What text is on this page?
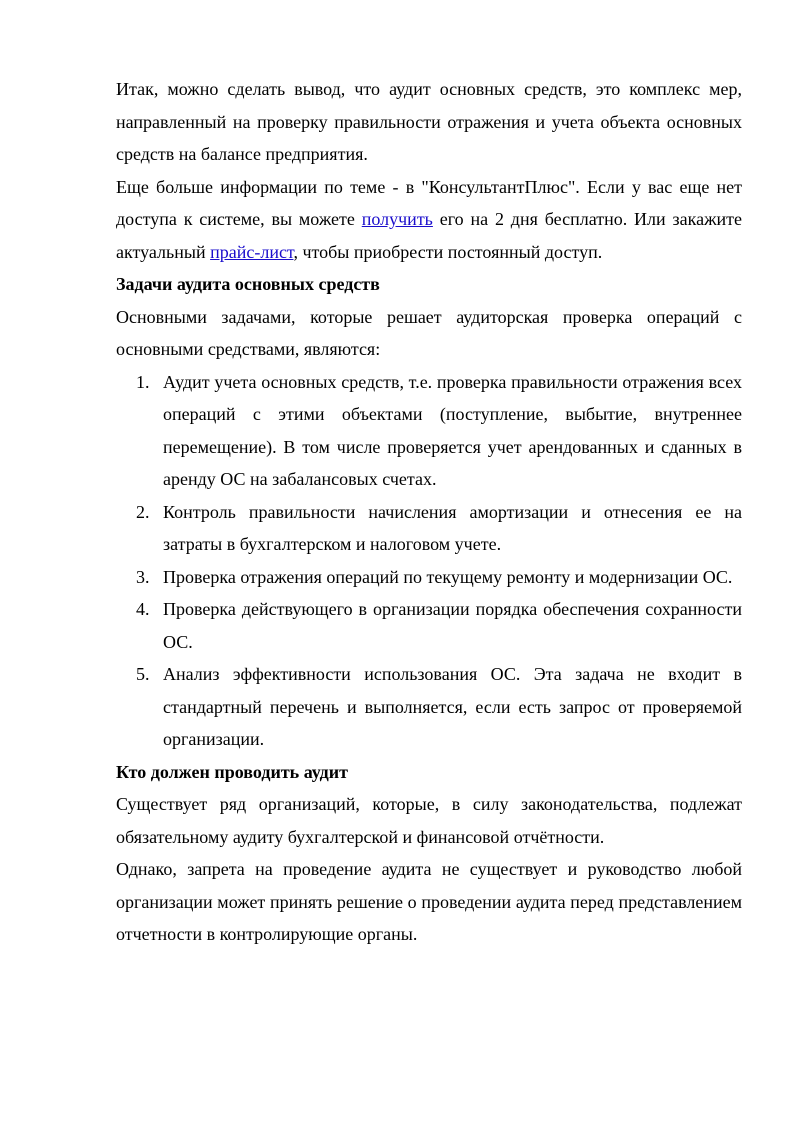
Итак, можно сделать вывод, что аудит основных средств, это комплекс мер, направленный на проверку правильности отражения и учета объекта основных средств на балансе предприятия.

Еще больше информации по теме - в "КонсультантПлюс". Если у вас еще нет доступа к системе, вы можете получить его на 2 дня бесплатно. Или закажите актуальный прайс-лист, чтобы приобрести постоянный доступ.

Задачи аудита основных средств

Основными задачами, которые решает аудиторская проверка операций с основными средствами, являются:

1. Аудит учета основных средств, т.е. проверка правильности отражения всех операций с этими объектами (поступление, выбытие, внутреннее перемещение). В том числе проверяется учет арендованных и сданных в аренду ОС на забалансовых счетах.
2. Контроль правильности начисления амортизации и отнесения ее на затраты в бухгалтерском и налоговом учете.
3. Проверка отражения операций по текущему ремонту и модернизации ОС.
4. Проверка действующего в организации порядка обеспечения сохранности ОС.
5. Анализ эффективности использования ОС. Эта задача не входит в стандартный перечень и выполняется, если есть запрос от проверяемой организации.

Кто должен проводить аудит

Существует ряд организаций, которые, в силу законодательства, подлежат обязательному аудиту бухгалтерской и финансовой отчётности.

Однако, запрета на проведение аудита не существует и руководство любой организации может принять решение о проведении аудита перед представлением отчетности в контролирующие органы.
